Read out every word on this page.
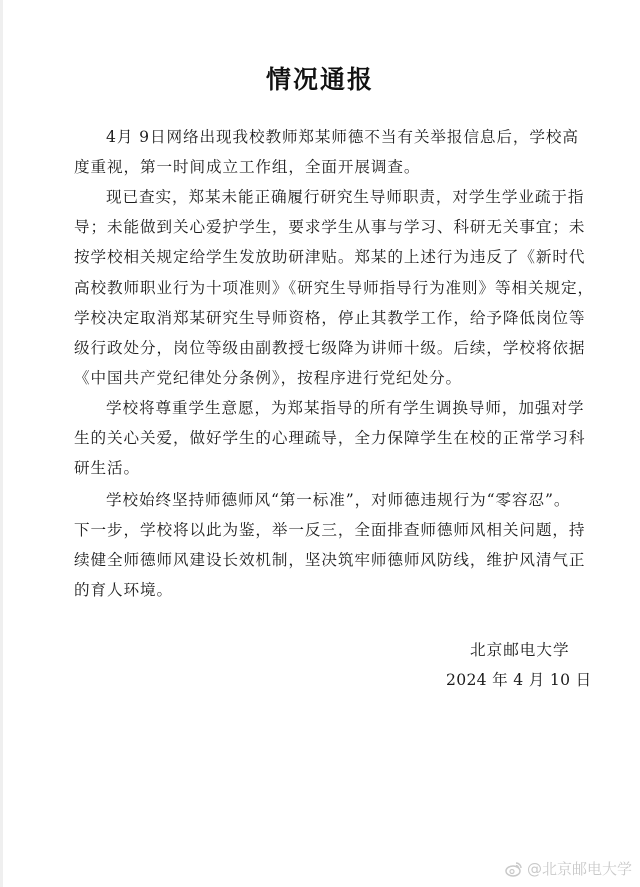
情况通报
4月 9日网络出现我校教师郑某师德不当有关举报信息后，学校高
度重视，第一时间成立工作组，全面开展调查。
现已查实，郑某未能正确履行研究生导师职责，对学生学业疏于指
导；未能做到关心爱护学生，要求学生从事与学习、科研无关事宜；未
按学校相关规定给学生发放助研津贴。郑某的上述行为违反了《新时代
高校教师职业行为十项准则》《研究生导师指导行为准则》等相关规定，
学校决定取消郑某研究生导师资格，停止其教学工作，给予降低岗位等
级行政处分，岗位等级由副教授七级降为讲师十级。后续，学校将依据
《中国共产党纪律处分条例》，按程序进行党纪处分。
学校将尊重学生意愿，为郑某指导的所有学生调换导师，加强对学
生的关心关爱，做好学生的心理疏导，全力保障学生在校的正常学习科
研生活。
学校始终坚持师德师风“第一标准”，对师德违规行为“零容忍”。
下一步，学校将以此为鉴，举一反三，全面排查师德师风相关问题，持
续健全师德师风建设长效机制，坚决筑牢师德师风防线，维护风清气正
的育人环境。
北京邮电大学
2024 年 4 月 10 日
@北京邮电大学
